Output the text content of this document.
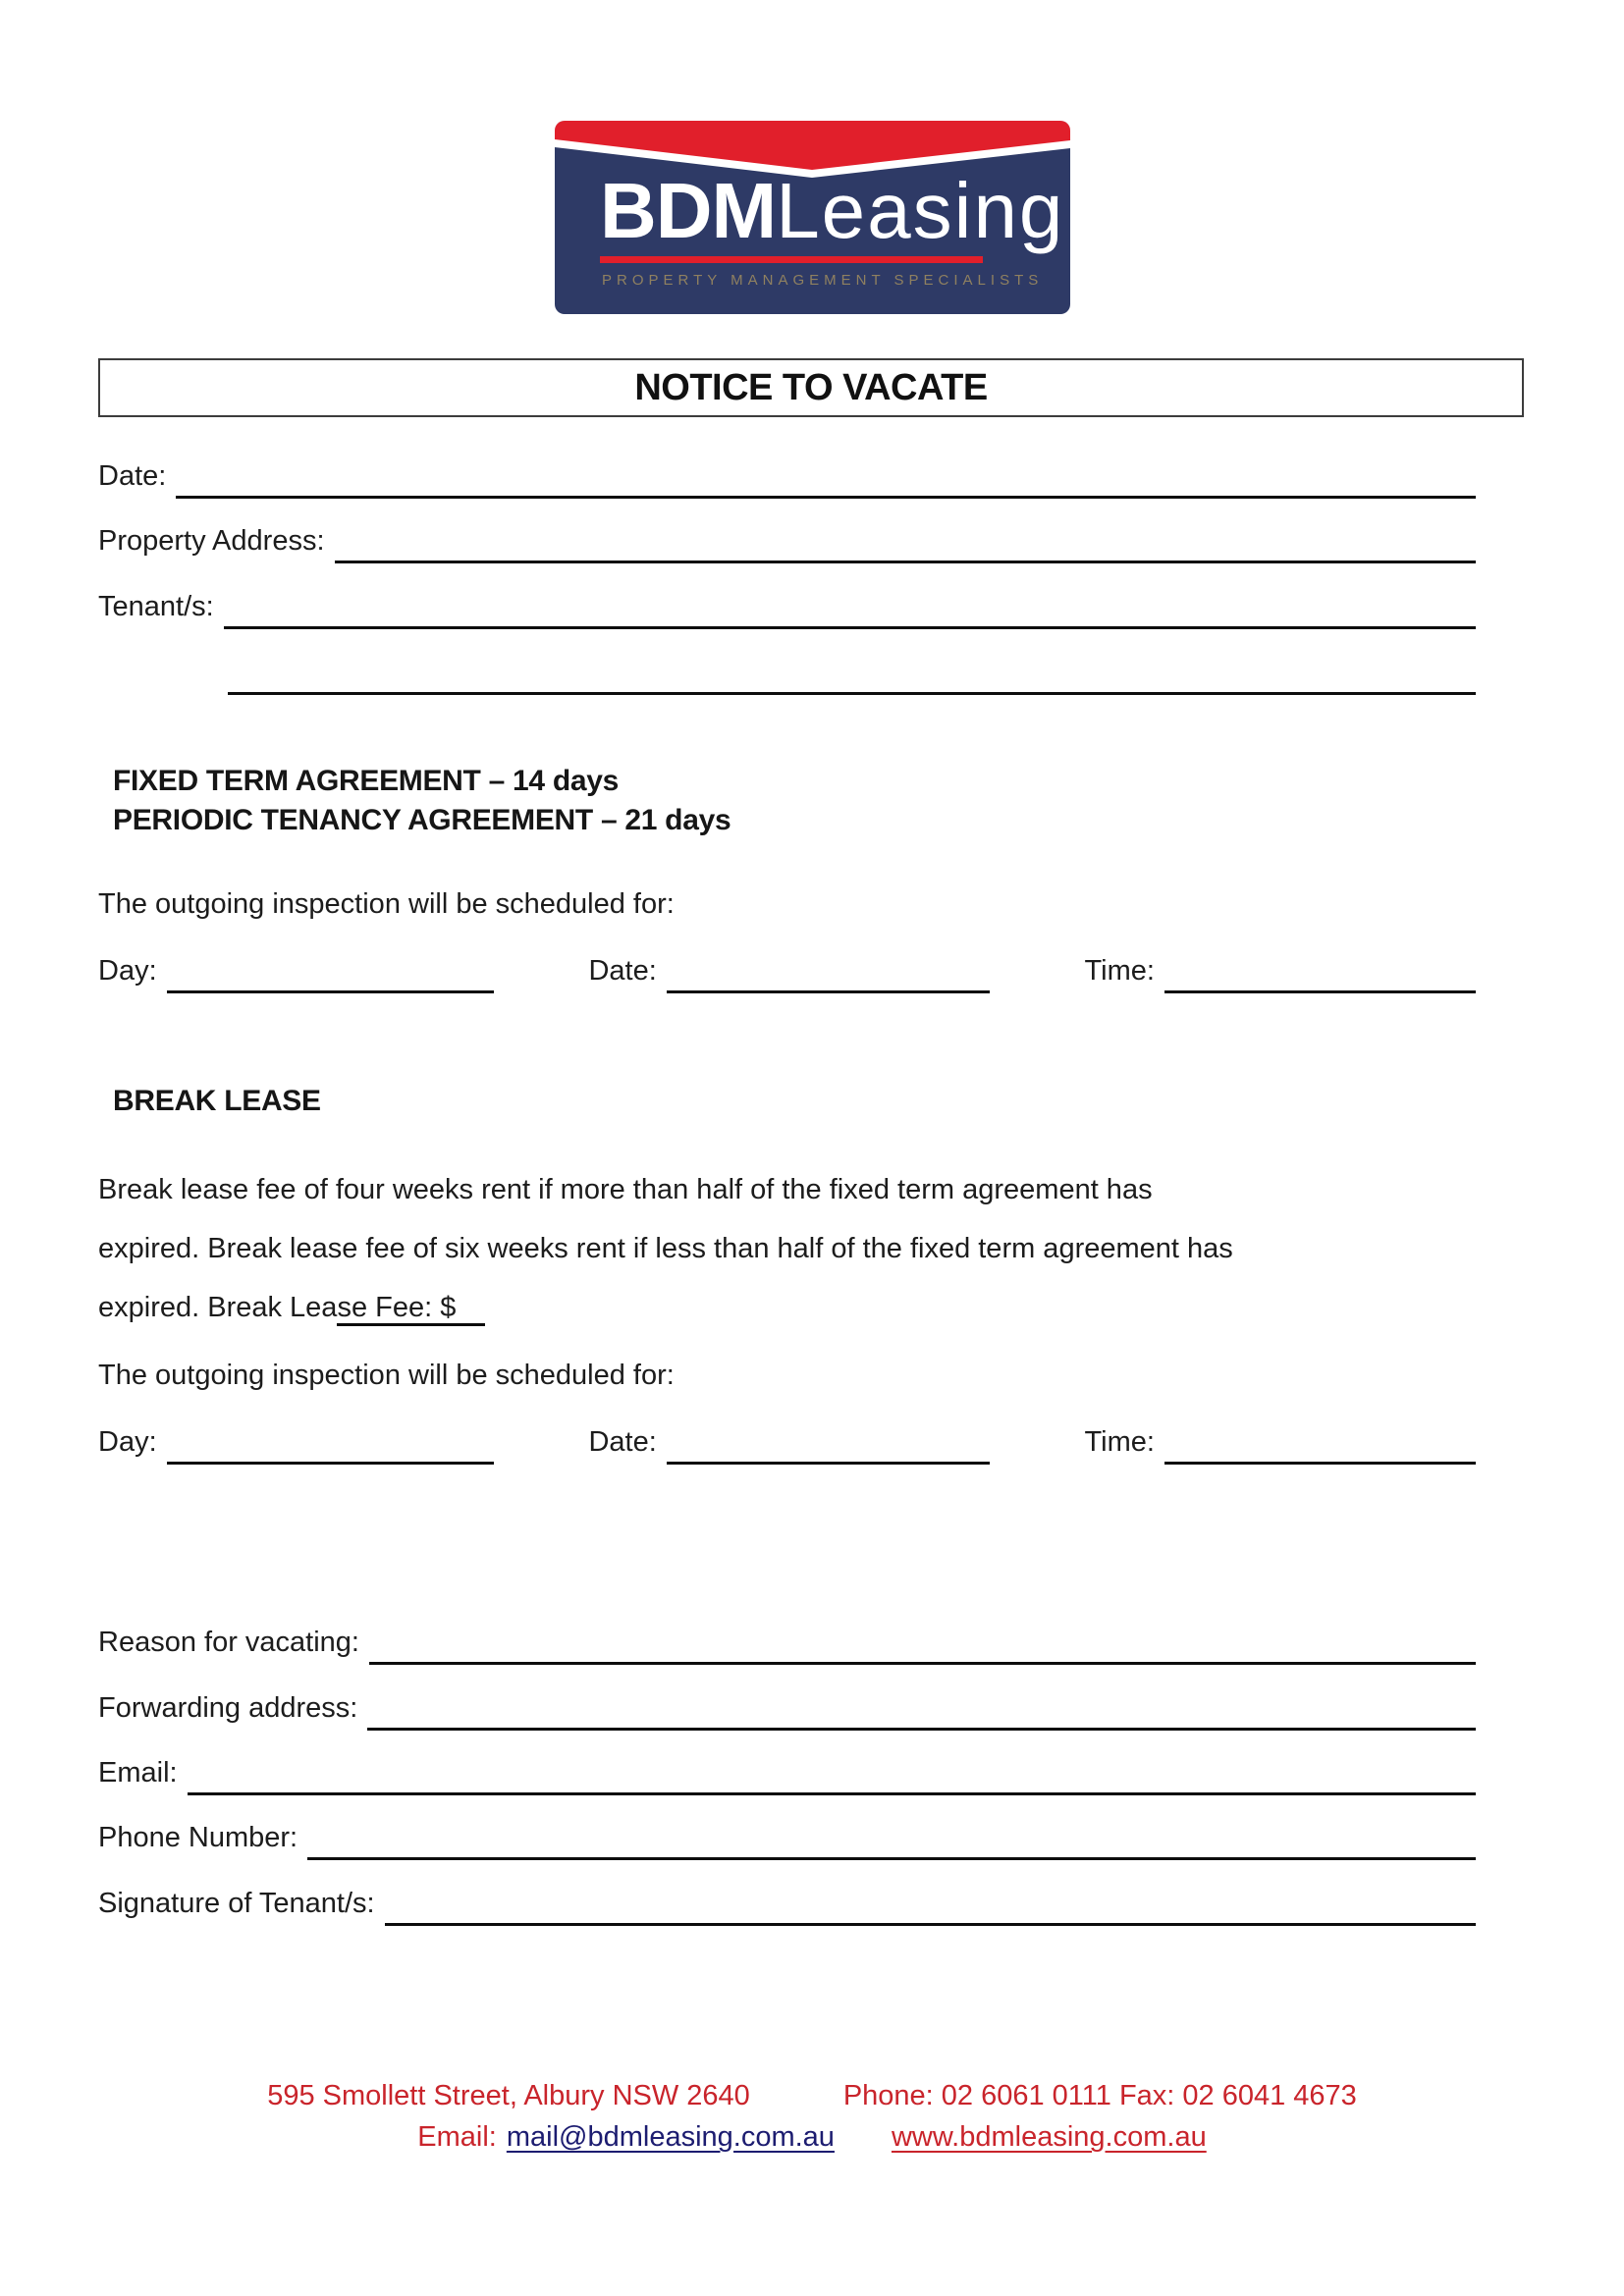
BDMLeasing
PROPERTY MANAGEMENT SPECIALISTS
NOTICE TO VACATE
Date:
Property Address:
Tenant/s:
FIXED TERM AGREEMENT – 14 days
PERIODIC TENANCY AGREEMENT – 21 days
The outgoing inspection will be scheduled for:
Day:	Date:	Time:
BREAK LEASE
Break lease fee of four weeks rent if more than half of the fixed term agreement has
expired. Break lease fee of six weeks rent if less than half of the fixed term agreement has
expired. Break Lease Fee: $
The outgoing inspection will be scheduled for:
Day:	Date:	Time:
Reason for vacating:
Forwarding address:
Email:
Phone Number:
Signature of Tenant/s:
595 Smollett Street, Albury NSW 2640	Phone: 02 6061 0111 Fax: 02 6041 4673
Email: mail@bdmleasing.com.au www.bdmleasing.com.au
